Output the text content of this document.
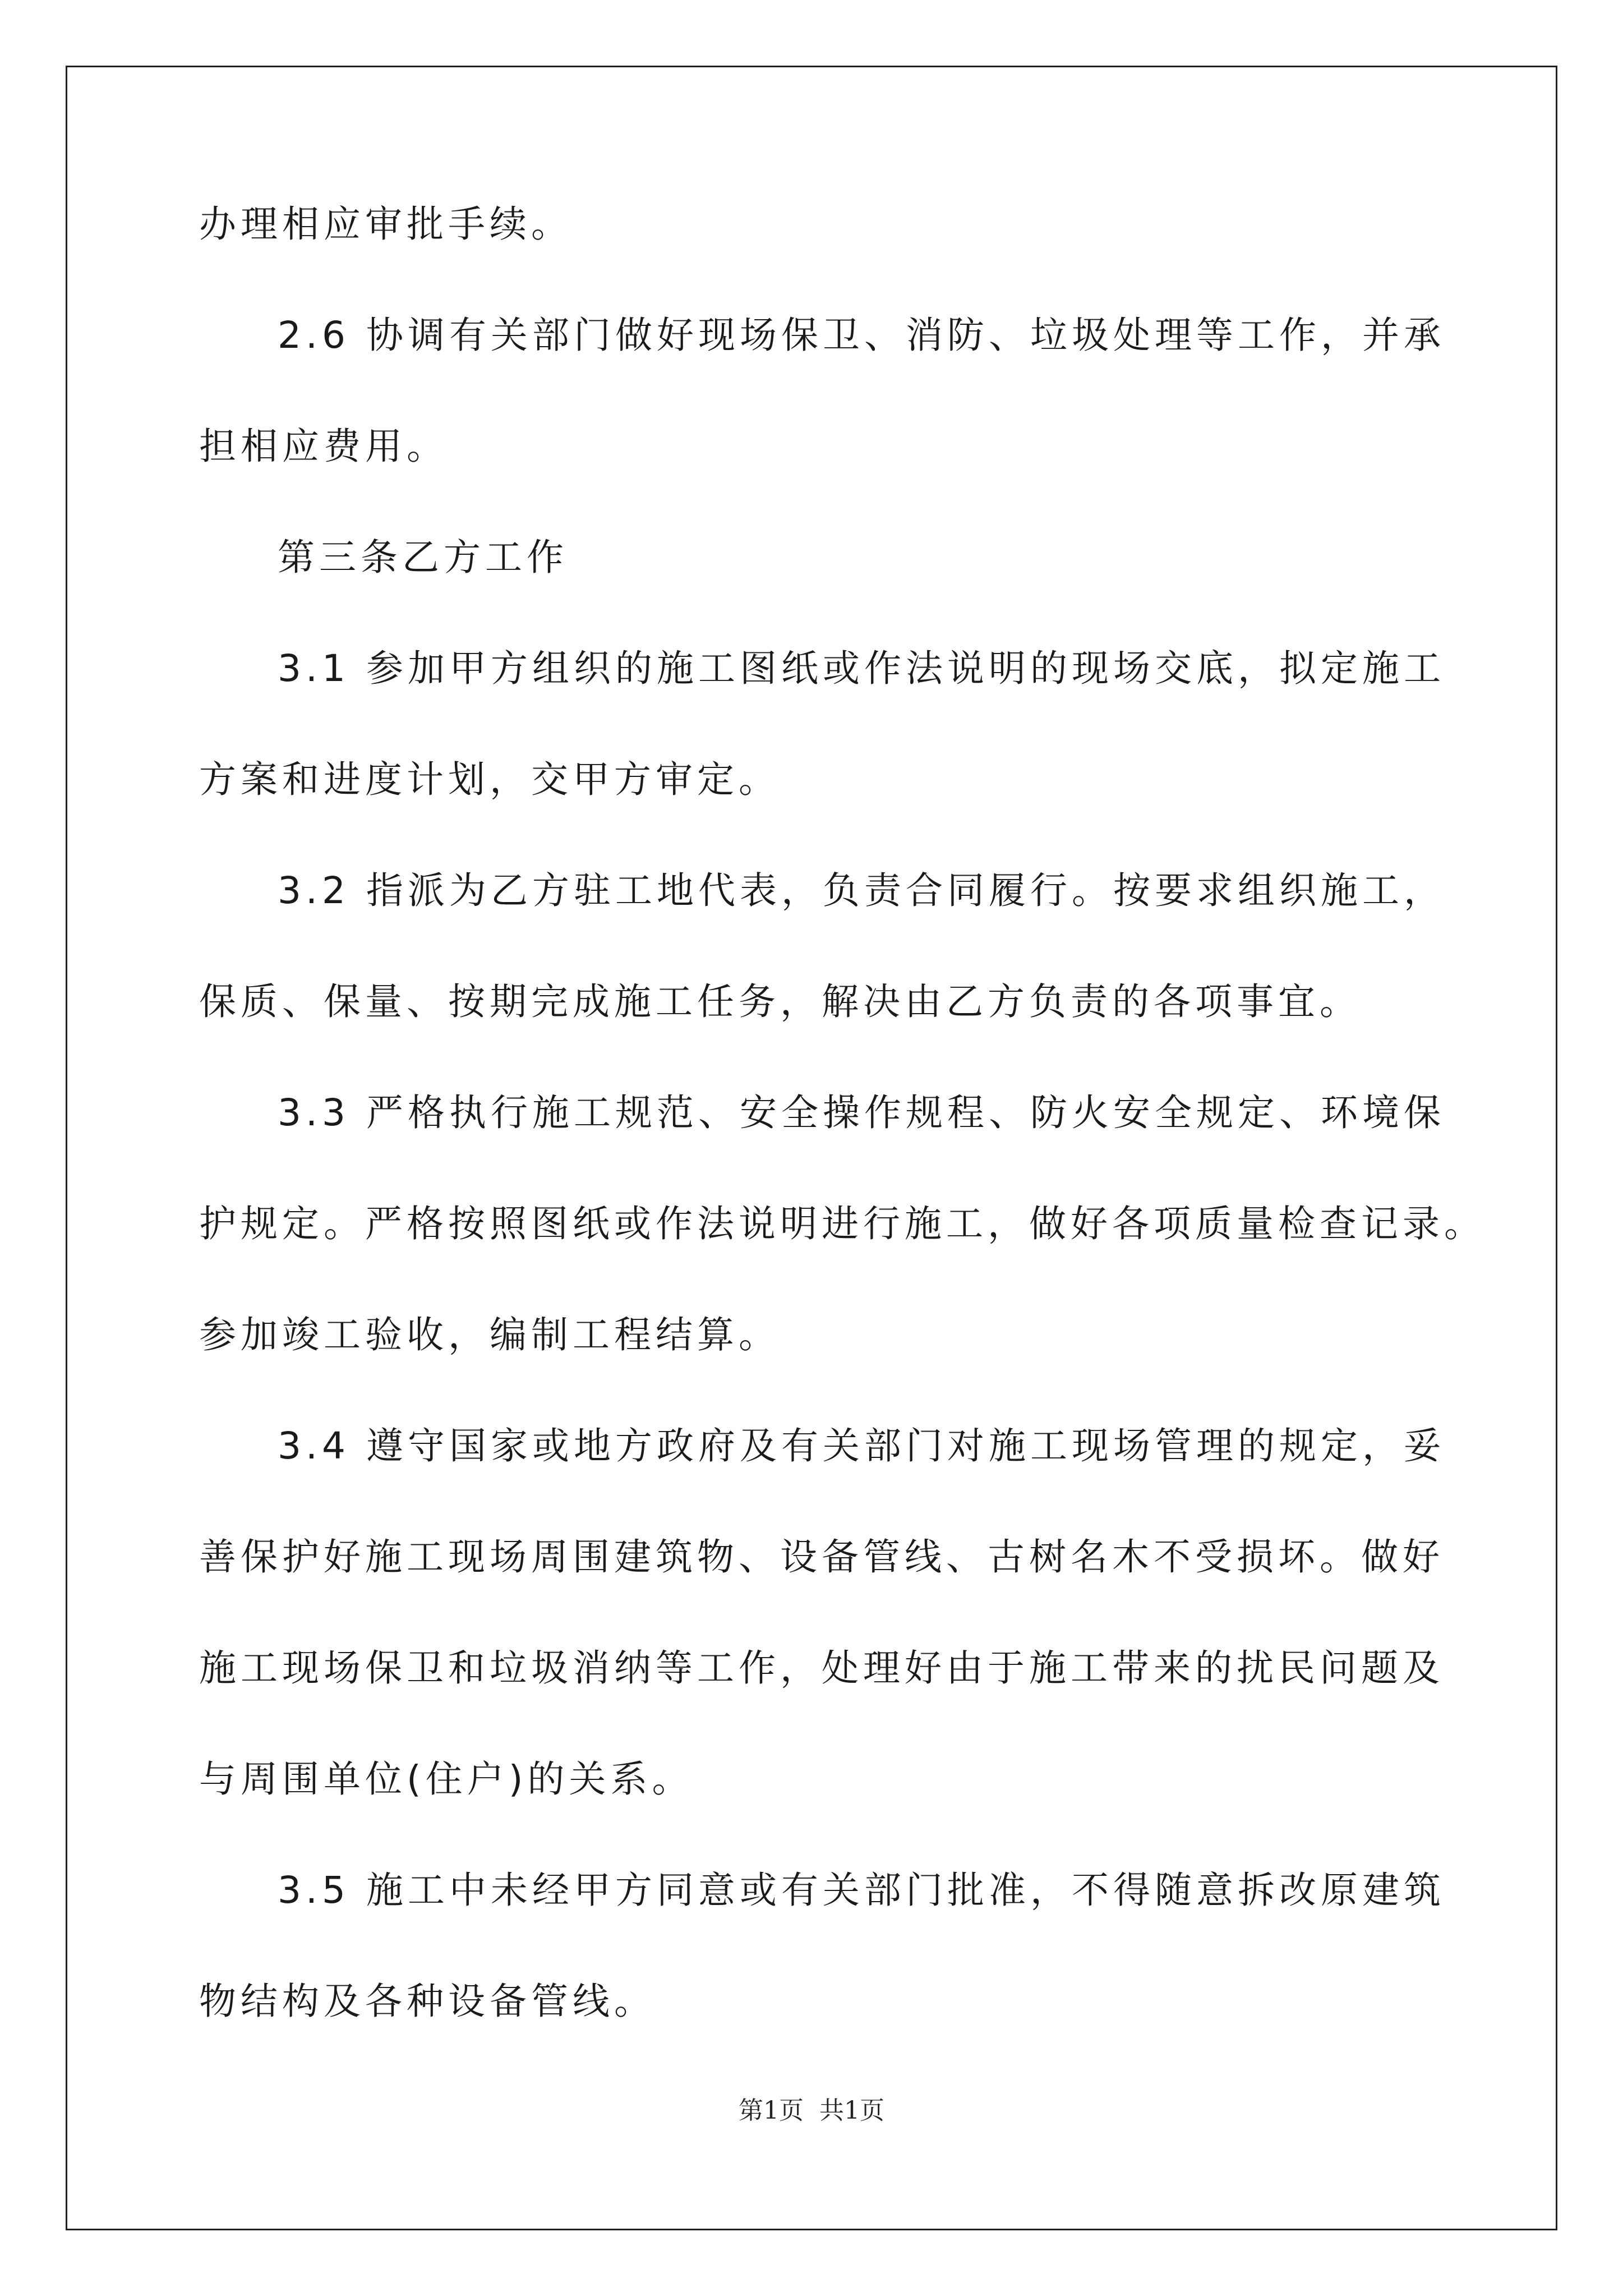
办理相应审批手续。
2.6 协调有关部门做好现场保卫、消防、垃圾处理等工作，并承
担相应费用。
第三条乙方工作
3.1 参加甲方组织的施工图纸或作法说明的现场交底，拟定施工
方案和进度计划，交甲方审定。
3.2 指派为乙方驻工地代表，负责合同履行。按要求组织施工，
保质、保量、按期完成施工任务，解决由乙方负责的各项事宜。
3.3 严格执行施工规范、安全操作规程、防火安全规定、环境保
护规定。严格按照图纸或作法说明进行施工，做好各项质量检查记录。
参加竣工验收，编制工程结算。
3.4 遵守国家或地方政府及有关部门对施工现场管理的规定，妥
善保护好施工现场周围建筑物、设备管线、古树名木不受损坏。做好
施工现场保卫和垃圾消纳等工作，处理好由于施工带来的扰民问题及
与周围单位(住户)的关系。
3.5 施工中未经甲方同意或有关部门批准，不得随意拆改原建筑
物结构及各种设备管线。
第1页 共1页
